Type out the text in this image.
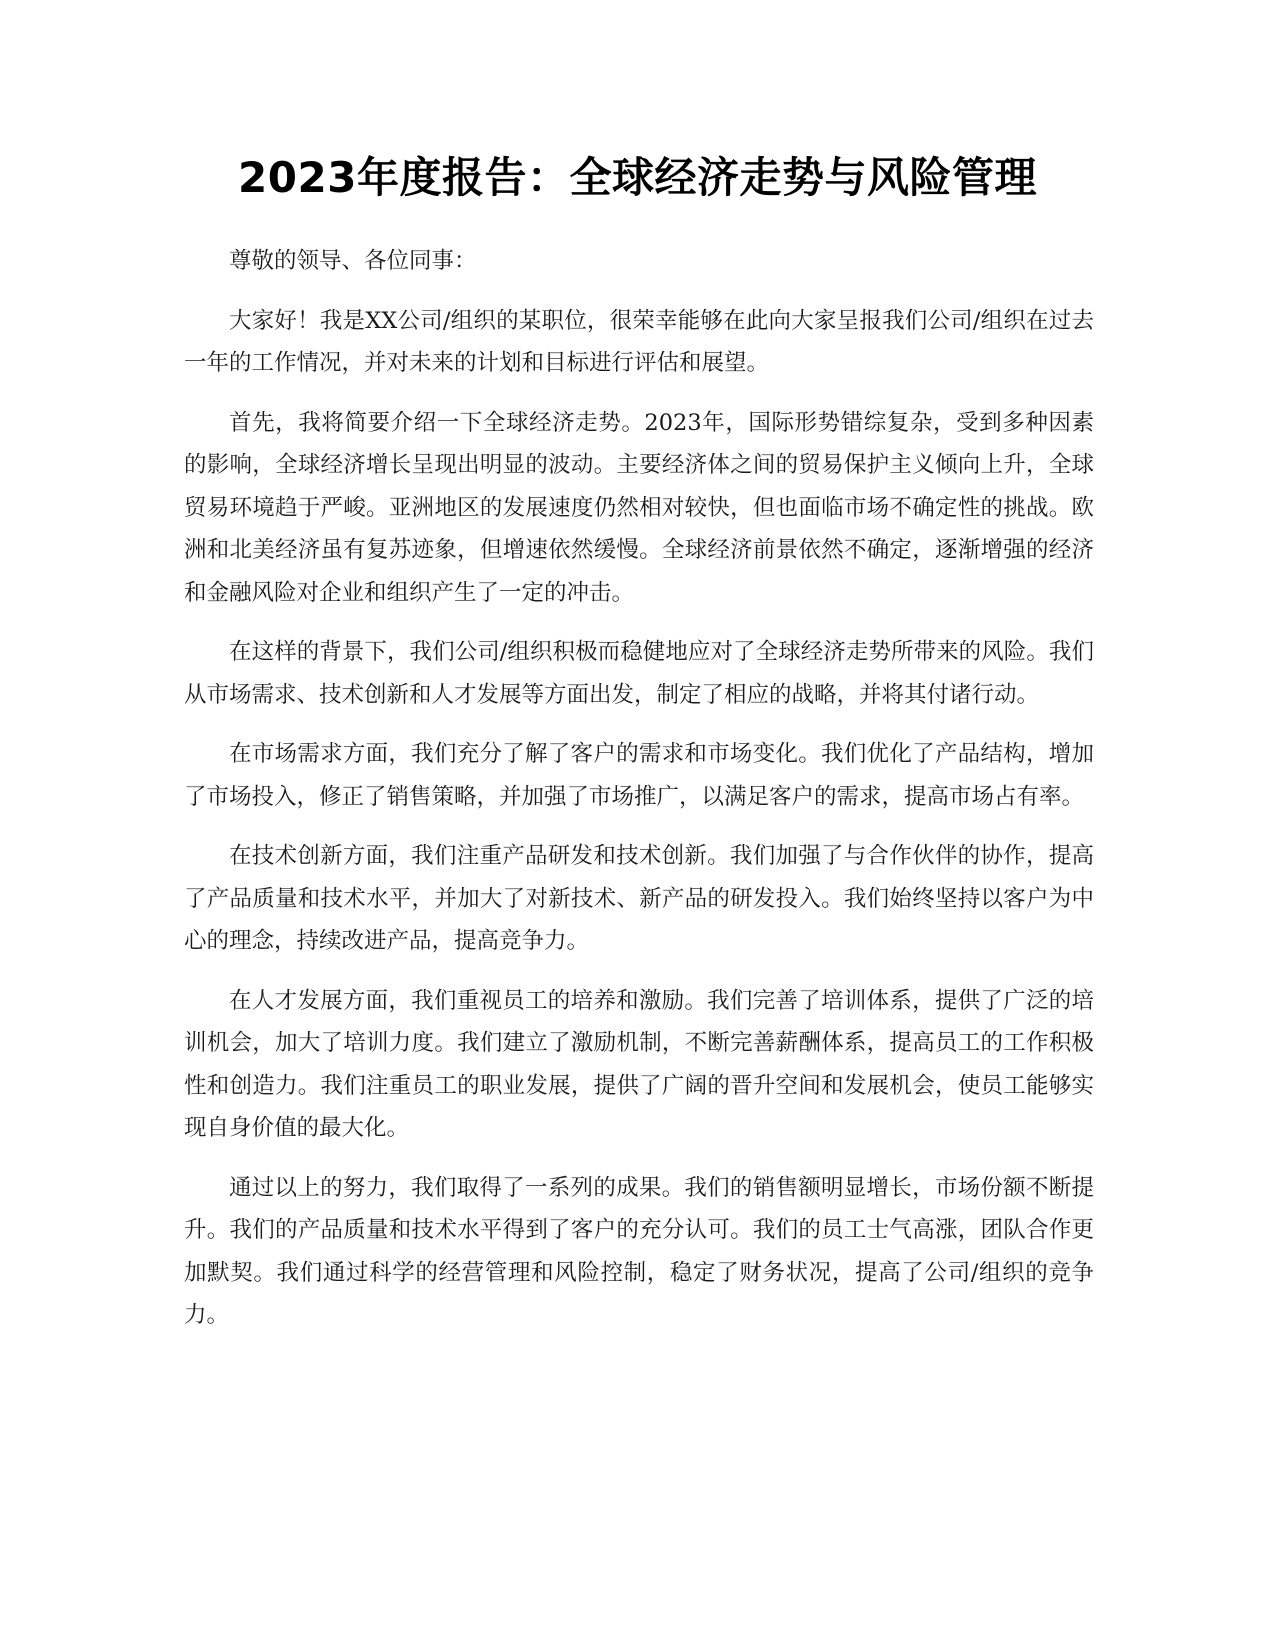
2023年度报告：全球经济走势与风险管理

尊敬的领导、各位同事：

大家好！我是XX公司/组织的某职位，很荣幸能够在此向大家呈报我们公司/组织在过去一年的工作情况，并对未来的计划和目标进行评估和展望。

首先，我将简要介绍一下全球经济走势。2023年，国际形势错综复杂，受到多种因素的影响，全球经济增长呈现出明显的波动。主要经济体之间的贸易保护主义倾向上升，全球贸易环境趋于严峻。亚洲地区的发展速度仍然相对较快，但也面临市场不确定性的挑战。欧洲和北美经济虽有复苏迹象，但增速依然缓慢。全球经济前景依然不确定，逐渐增强的经济和金融风险对企业和组织产生了一定的冲击。

在这样的背景下，我们公司/组织积极而稳健地应对了全球经济走势所带来的风险。我们从市场需求、技术创新和人才发展等方面出发，制定了相应的战略，并将其付诸行动。

在市场需求方面，我们充分了解了客户的需求和市场变化。我们优化了产品结构，增加了市场投入，修正了销售策略，并加强了市场推广，以满足客户的需求，提高市场占有率。

在技术创新方面，我们注重产品研发和技术创新。我们加强了与合作伙伴的协作，提高了产品质量和技术水平，并加大了对新技术、新产品的研发投入。我们始终坚持以客户为中心的理念，持续改进产品，提高竞争力。

在人才发展方面，我们重视员工的培养和激励。我们完善了培训体系，提供了广泛的培训机会，加大了培训力度。我们建立了激励机制，不断完善薪酬体系，提高员工的工作积极性和创造力。我们注重员工的职业发展，提供了广阔的晋升空间和发展机会，使员工能够实现自身价值的最大化。

通过以上的努力，我们取得了一系列的成果。我们的销售额明显增长，市场份额不断提升。我们的产品质量和技术水平得到了客户的充分认可。我们的员工士气高涨，团队合作更加默契。我们通过科学的经营管理和风险控制，稳定了财务状况，提高了公司/组织的竞争力。
